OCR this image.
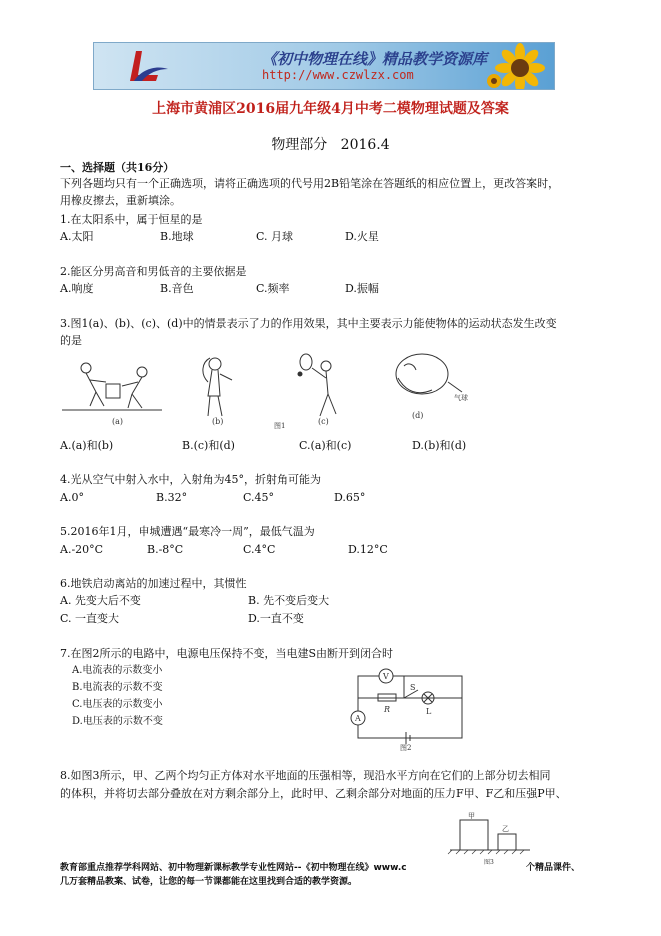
《初中物理在线》精品教学资源库
http://www.czwlzx.com
上海市黄浦区2016届九年级4月中考二模物理试题及答案
物理部分 2016.4
一、选择题（共16分）
下列各题均只有一个正确选项，请将正确选项的代号用2B铅笔涂在答题纸的相应位置上，更改答案时，
用橡皮擦去，重新填涂。
1.在太阳系中，属于恒星的是
A.太阳	B.地球	C. 月球	D.火星
2.能区分男高音和男低音的主要依据是
A.响度	B.音色	C.频率	D.振幅
3.图1(a)、(b)、(c)、(d)中的情景表示了力的作用效果，其中主要表示力能使物体的运动状态发生改变
的是
(a)	(b)	(c)
(d)
气球
图1
A.(a)和(b)	B.(c)和(d)	C.(a)和(c)	D.(b)和(d)
4.光从空气中射入水中，入射角为45°，折射角可能为
A.0°	B.32°	C.45°	D.65°
5.2016年1月，申城遭遇“最寒冷一周”，最低气温为
A.-20°C	B.-8°C	C.4°C	D.12°C
6.地铁启动离站的加速过程中，其惯性
A. 先变大后不变	B. 先不变后变大
C. 一直变大	D.一直不变
7.在图2所示的电路中，电源电压保持不变，当电建S由断开到闭合时
A.电流表的示数变小
B.电流表的示数不变
C.电压表的示数变小
D.电压表的示数不变
V
A
S
R	L
图2
8.如图3所示，甲、乙两个均匀正方体对水平地面的压强相等，现沿水平方向在它们的上部分切去相同
的体积，并将切去部分叠放在对方剩余部分上，此时甲、乙剩余部分对地面的压力F甲、F乙和压强P甲、
甲
乙
图3
教育部重点推荐学科网站、初中物理新课标教学专业性网站--《初中物理在线》www.c	个精品课件、
几万套精品教案、试卷，让您的每一节课都能在这里找到合适的教学资源。
